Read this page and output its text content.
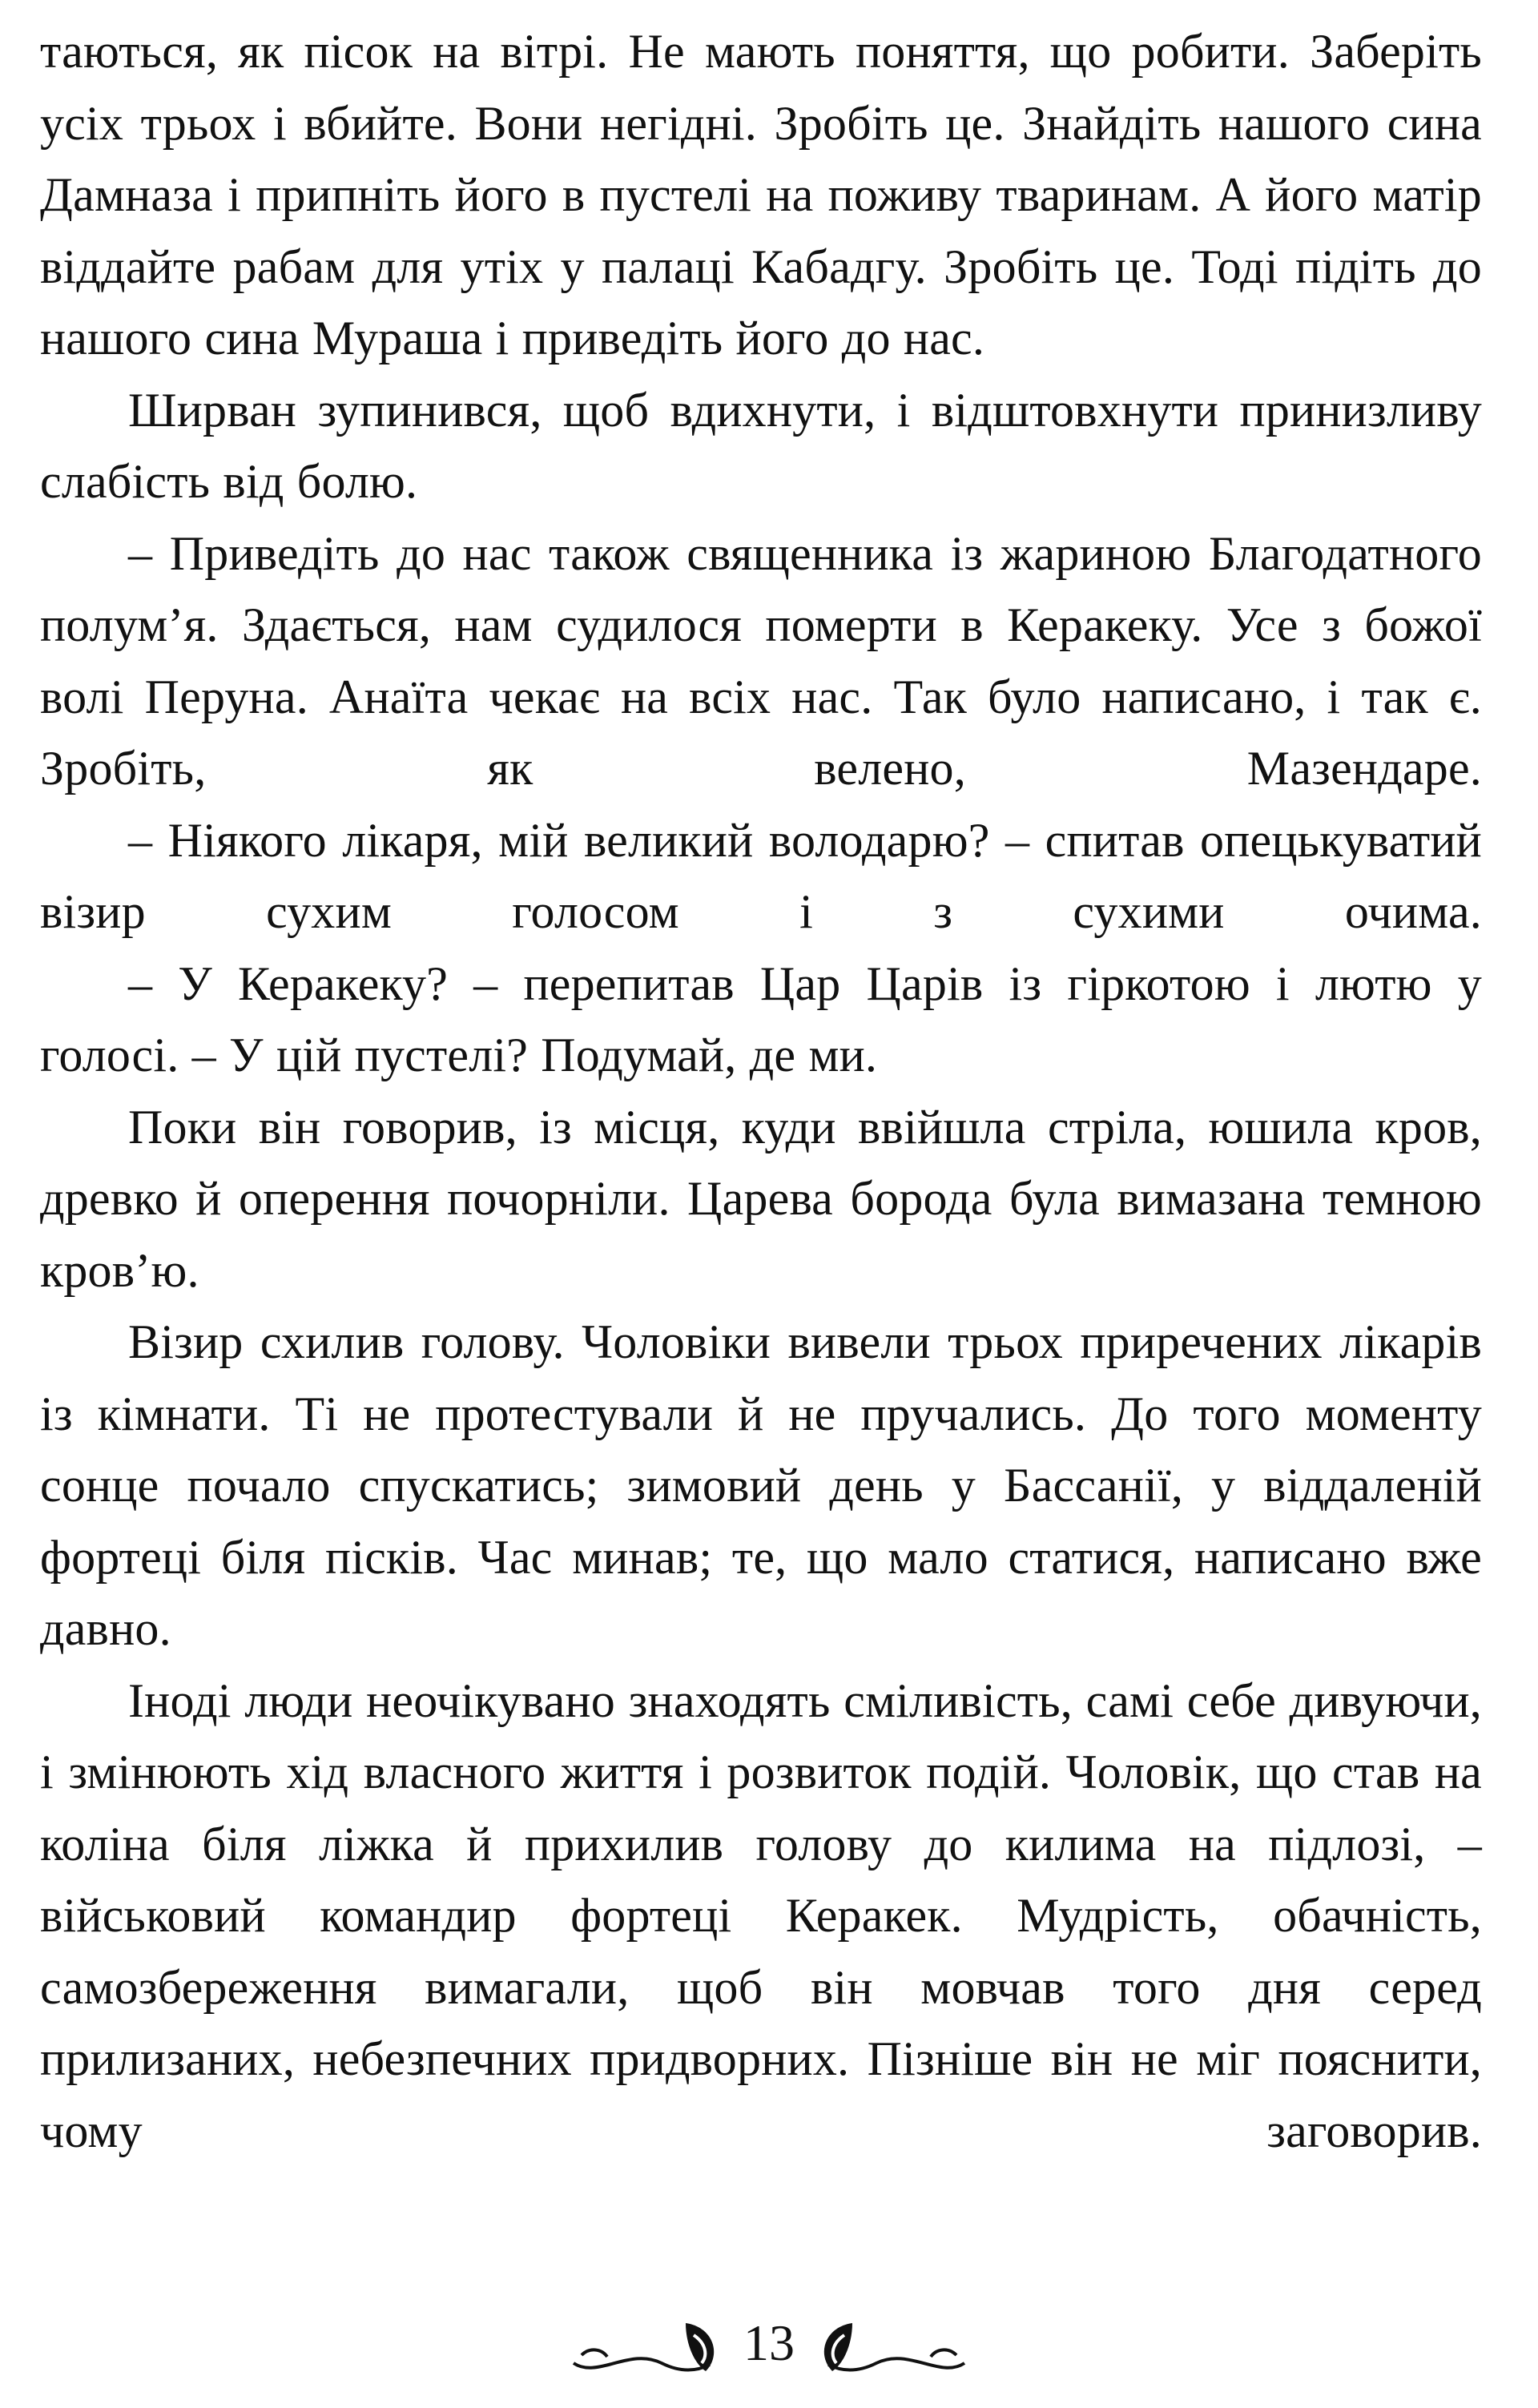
таються, як пісок на вітрі. Не мають поняття, що робити. Заберіть усіх трьох і вбийте. Вони негідні. Зробіть це. Знайдіть нашого сина Дамназа і припніть його в пустелі на поживу тваринам. А його матір віддайте рабам для утіх у палаці Кабадгу. Зробіть це. Тоді підіть до нашого сина Мураша і приведіть його до нас.

Ширван зупинився, щоб вдихнути, і відштовхнути принизливу слабість від болю.

– Приведіть до нас також священника із жариною Благодатного полум’я. Здається, нам судилося померти в Керакеку. Усе з божої волі Перуна. Анаїта чекає на всіх нас. Так було написано, і так є. Зробіть, як велено, Мазендаре.

– Ніякого лікаря, мій великий володарю? – спитав опецькуватий візир сухим голосом і з сухими очима.

– У Керакеку? – перепитав Цар Царів із гіркотою і лютю у голосі. – У цій пустелі? Подумай, де ми.

Поки він говорив, із місця, куди ввійшла стріла, юшила кров, древко й оперення почорніли. Царева борода була вимазана темною кров’ю.

Візир схилив голову. Чоловіки вивели трьох приречених лікарів із кімнати. Ті не протестували й не пручались. До того моменту сонце почало спускатись; зимовий день у Бассанії, у віддаленій фортеці біля пісків. Час минав; те, що мало статися, написано вже давно.

Іноді люди неочікувано знаходять сміливість, самі себе дивуючи, і змінюють хід власного життя і розвиток подій. Чоловік, що став на коліна біля ліжка й прихилив голову до килима на підлозі, – військовий командир фортеці Керакек. Мудрість, обачність, самозбереження вимагали, щоб він мовчав того дня серед прилизаних, небезпечних придворних. Пізніше він не міг пояснити, чому заговорив.

13
